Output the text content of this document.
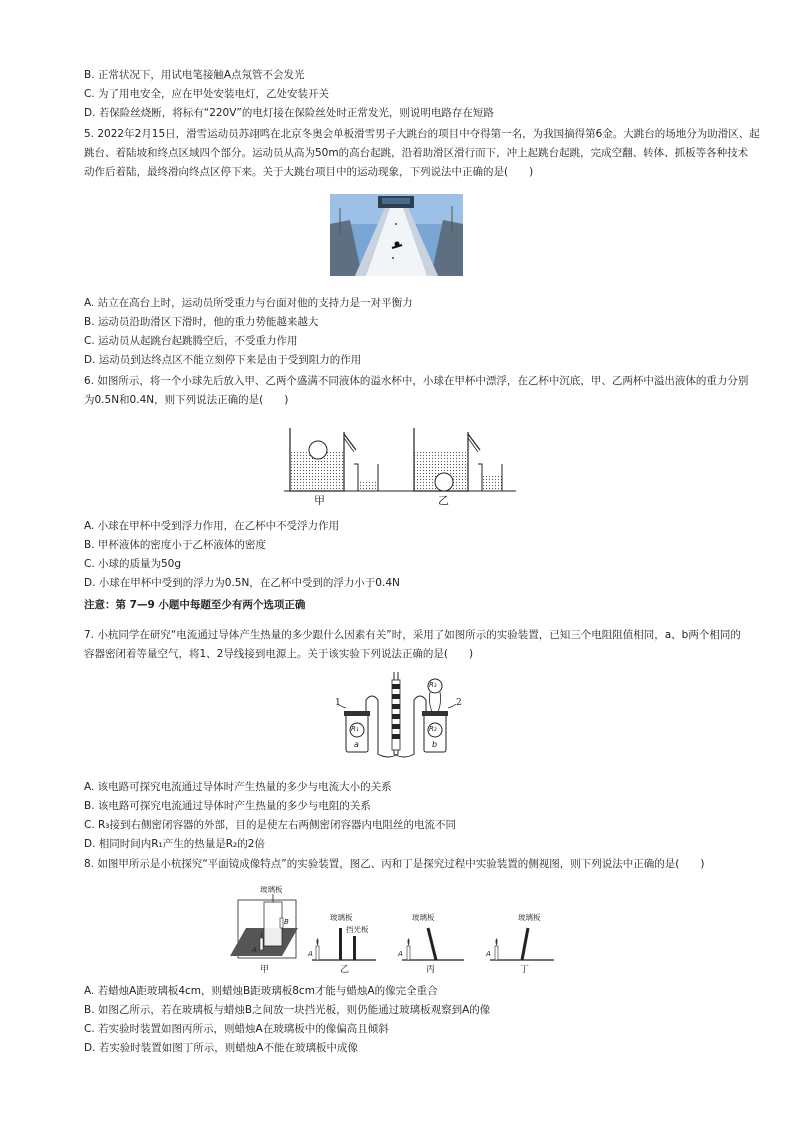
B. 正常状况下，用试电笔接触A点氖管不会发光
C. 为了用电安全，应在甲处安装电灯，乙处安装开关
D. 若保险丝烧断，将标有“220V”的电灯接在保险丝处时正常发光，则说明电路存在短路
5. 2022年2月15日，滑雪运动员苏翊鸣在北京冬奥会单板滑雪男子大跳台的项目中夺得第一名，为我国摘得第6金。大跳台的场地分为助滑区、起
跳台、着陆坡和终点区域四个部分。运动员从高为50m的高台起跳，沿着助滑区滑行而下，冲上起跳台起跳，完成空翻、转体、抓板等各种技术
动作后着陆，最终滑向终点区停下来。关于大跳台项目中的运动现象，下列说法中正确的是(　　)
A. 站立在高台上时，运动员所受重力与台面对他的支持力是一对平衡力
B. 运动员沿助滑区下滑时，他的重力势能越来越大
C. 运动员从起跳台起跳腾空后，不受重力作用
D. 运动员到达终点区不能立刻停下来是由于受到阻力的作用
6. 如图所示，将一个小球先后放入甲、乙两个盛满不同液体的溢水杯中，小球在甲杯中漂浮，在乙杯中沉底，甲、乙两杯中溢出液体的重力分别
为0.5N和0.4N，则下列说法正确的是(　　)
甲	乙
A. 小球在甲杯中受到浮力作用，在乙杯中不受浮力作用
B. 甲杯液体的密度小于乙杯液体的密度
C. 小球的质量为50g
D. 小球在甲杯中受到的浮力为0.5N，在乙杯中受到的浮力小于0.4N
注意：第 7—9 小题中每题至少有两个选项正确
7. 小杭同学在研究“电流通过导体产生热量的多少跟什么因素有关”时，采用了如图所示的实验装置，已知三个电阻阻值相同，a、b两个相同的
容器密闭着等量空气，将1、2导线接到电源上。关于该实验下列说法正确的是(　　)
1	2
R₁	R₂
R₃
a	b
A. 该电路可探究电流通过导体时产生热量的多少与电流大小的关系
B. 该电路可探究电流通过导体时产生热量的多少与电阻的关系
C. R₃接到右侧密闭容器的外部，目的是使左右两侧密闭容器内电阻丝的电流不同
D. 相同时间内R₁产生的热量是R₂的2倍
8. 如图甲所示是小杭探究“平面镜成像特点”的实验装置，图乙、丙和丁是探究过程中实验装置的侧视图，则下列说法中正确的是(　　)
玻璃板
A
B
甲
玻璃板
挡光板
A
乙
玻璃板
A
丙
玻璃板
A
丁
A. 若蜡烛A距玻璃板4cm，则蜡烛B距玻璃板8cm才能与蜡烛A的像完全重合
B. 如图乙所示，若在玻璃板与蜡烛B之间放一块挡光板，则仍能通过玻璃板观察到A的像
C. 若实验时装置如图丙所示，则蜡烛A在玻璃板中的像偏高且倾斜
D. 若实验时装置如图丁所示，则蜡烛A不能在玻璃板中成像
